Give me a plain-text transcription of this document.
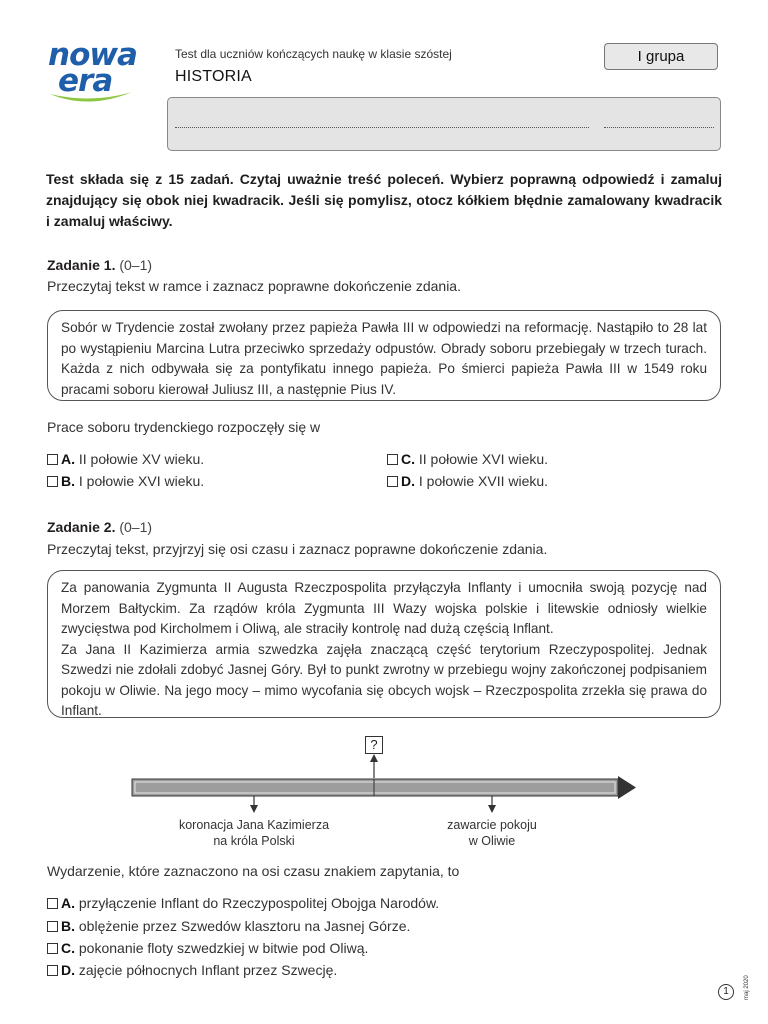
nowa
era
Test dla uczniów kończących naukę w klasie szóstej
HISTORIA
I grupa
Test składa się z 15 zadań. Czytaj uważnie treść poleceń. Wybierz poprawną odpowiedź i zamaluj znajdujący się obok niej kwadracik. Jeśli się pomylisz, otocz kółkiem błędnie zamalowany kwadracik i zamaluj właściwy.
Zadanie 1. (0–1)
Przeczytaj tekst w ramce i zaznacz poprawne dokończenie zdania.

Sobór w Trydencie został zwołany przez papieża Pawła III w odpowiedzi na reformację. Nastąpiło to 28 lat po wystąpieniu Marcina Lutra przeciwko sprzedaży odpustów. Obrady soboru przebiegały w trzech turach. Każda z nich odbywała się za pontyfikatu innego papieża. Po śmierci papieża Pawła III w 1549 roku pracami soboru kierował Juliusz III, a następnie Pius IV.

Prace soboru trydenckiego rozpoczęły się w
A. II połowie XV wieku.
B. I połowie XVI wieku.
C. II połowie XVI wieku.
D. I połowie XVII wieku.
Zadanie 2. (0–1)
Przeczytaj tekst, przyjrzyj się osi czasu i zaznacz poprawne dokończenie zdania.

Za panowania Zygmunta II Augusta Rzeczpospolita przyłączyła Inflanty i umocniła swoją pozycję nad Morzem Bałtyckim. Za rządów króla Zygmunta III Wazy wojska polskie i litewskie odniosły wielkie zwycięstwa pod Kircholmem i Oliwą, ale straciły kontrolę nad dużą częścią Inflant.

Za Jana II Kazimierza armia szwedzka zajęła znaczącą część terytorium Rzeczypospolitej. Jednak Szwedzi nie zdołali zdobyć Jasnej Góry. Był to punkt zwrotny w przebiegu wojny zakończonej podpisaniem pokoju w Oliwie. Na jego mocy – mimo wycofania się obcych wojsk – Rzeczpospolita zrzekła się prawa do Inflant.

?
koronacja Jana Kazimierza
na króla Polski
zawarcie pokoju
w Oliwie
Wydarzenie, które zaznaczono na osi czasu znakiem zapytania, to
A. przyłączenie Inflant do Rzeczypospolitej Obojga Narodów.
B. oblężenie przez Szwedów klasztoru na Jasnej Górze.
C. pokonanie floty szwedzkiej w bitwie pod Oliwą.
D. zajęcie północnych Inflant przez Szwecję.
1	maj 2020
